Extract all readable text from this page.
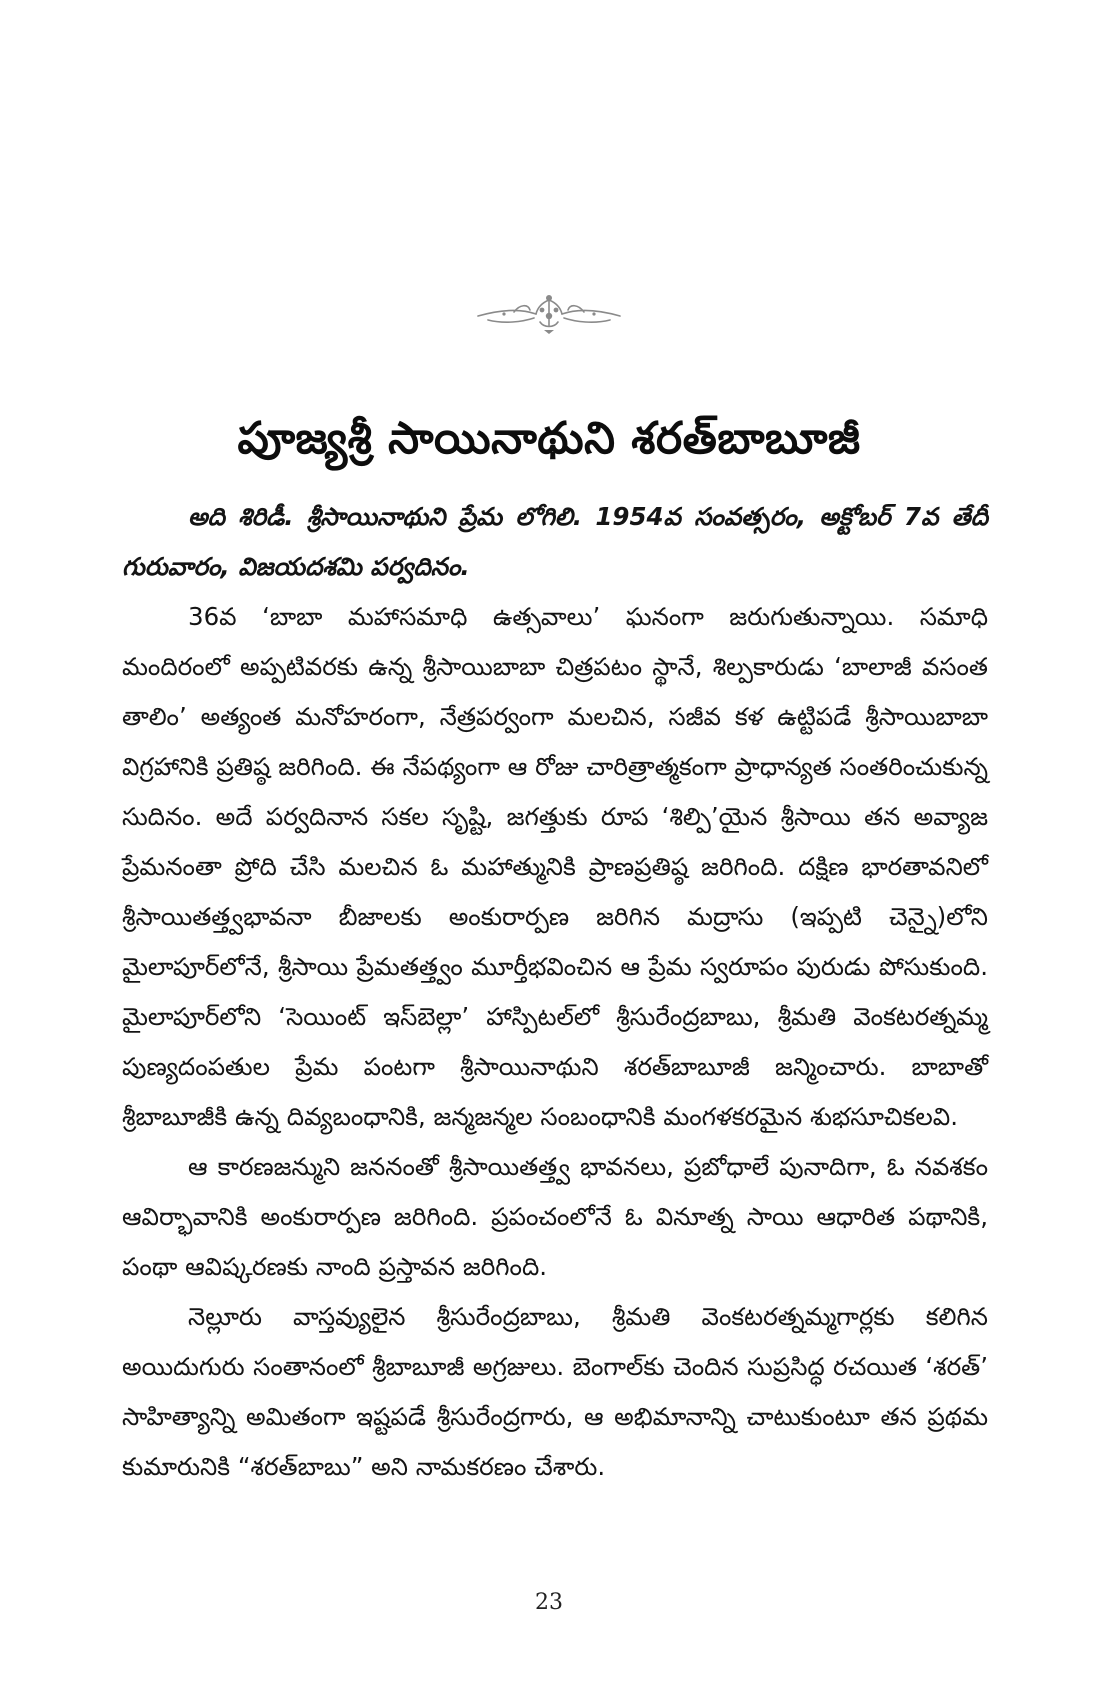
పూజ్యశ్రీ సాయినాథుని శరత్‌బాబూజీ

అది శిరిడీ. శ్రీసాయినాథుని ప్రేమ లోగిలి. 1954వ సంవత్సరం, అక్టోబర్ 7వ తేదీ గురువారం, విజయదశమి పర్వదినం.

36వ ‘బాబా మహాసమాధి ఉత్సవాలు’ ఘనంగా జరుగుతున్నాయి. సమాధి మందిరంలో అప్పటివరకు ఉన్న శ్రీసాయిబాబా చిత్రపటం స్థానే, శిల్పకారుడు ‘బాలాజీ వసంత తాలిం’ అత్యంత మనోహరంగా, నేత్రపర్వంగా మలచిన, సజీవ కళ ఉట్టిపడే శ్రీసాయిబాబా విగ్రహానికి ప్రతిష్ఠ జరిగింది. ఈ నేపథ్యంగా ఆ రోజు చారిత్రాత్మకంగా ప్రాధాన్యత సంతరించుకున్న సుదినం. అదే పర్వదినాన సకల సృష్టి, జగత్తుకు రూప ‘శిల్పి’యైన శ్రీసాయి తన అవ్యాజ ప్రేమనంతా ప్రోది చేసి మలచిన ఓ మహాత్మునికి ప్రాణప్రతిష్ఠ జరిగింది. దక్షిణ భారతావనిలో శ్రీసాయితత్త్వభావనా బీజాలకు అంకురార్పణ జరిగిన మద్రాసు (ఇప్పటి చెన్నై)లోని మైలాపూర్‌లోనే, శ్రీసాయి ప్రేమతత్త్వం మూర్తీభవించిన ఆ ప్రేమ స్వరూపం పురుడు పోసుకుంది. మైలాపూర్‌లోని ‘సెయింట్ ఇస్‌బెల్లా’ హాస్పిటల్‌లో శ్రీసురేంద్రబాబు, శ్రీమతి వెంకటరత్నమ్మ పుణ్యదంపతుల ప్రేమ పంటగా శ్రీసాయినాథుని శరత్‌బాబూజీ జన్మించారు. బాబాతో శ్రీబాబూజీకి ఉన్న దివ్యబంధానికి, జన్మజన్మల సంబంధానికి మంగళకరమైన శుభసూచికలవి.

ఆ కారణజన్ముని జననంతో శ్రీసాయితత్త్వ భావనలు, ప్రబోధాలే పునాదిగా, ఓ నవశకం ఆవిర్భావానికి అంకురార్పణ జరిగింది. ప్రపంచంలోనే ఓ వినూత్న సాయి ఆధారిత పథానికి, పంథా ఆవిష్కరణకు నాంది ప్రస్తావన జరిగింది.

నెల్లూరు వాస్తవ్యులైన శ్రీసురేంద్రబాబు, శ్రీమతి వెంకటరత్నమ్మగార్లకు కలిగిన అయిదుగురు సంతానంలో శ్రీబాబూజీ అగ్రజులు. బెంగాల్‌కు చెందిన సుప్రసిద్ధ రచయిత ‘శరత్’ సాహిత్యాన్ని అమితంగా ఇష్టపడే శ్రీసురేంద్రగారు, ఆ అభిమానాన్ని చాటుకుంటూ తన ప్రథమ కుమారునికి “శరత్‌బాబు” అని నామకరణం చేశారు.

23
